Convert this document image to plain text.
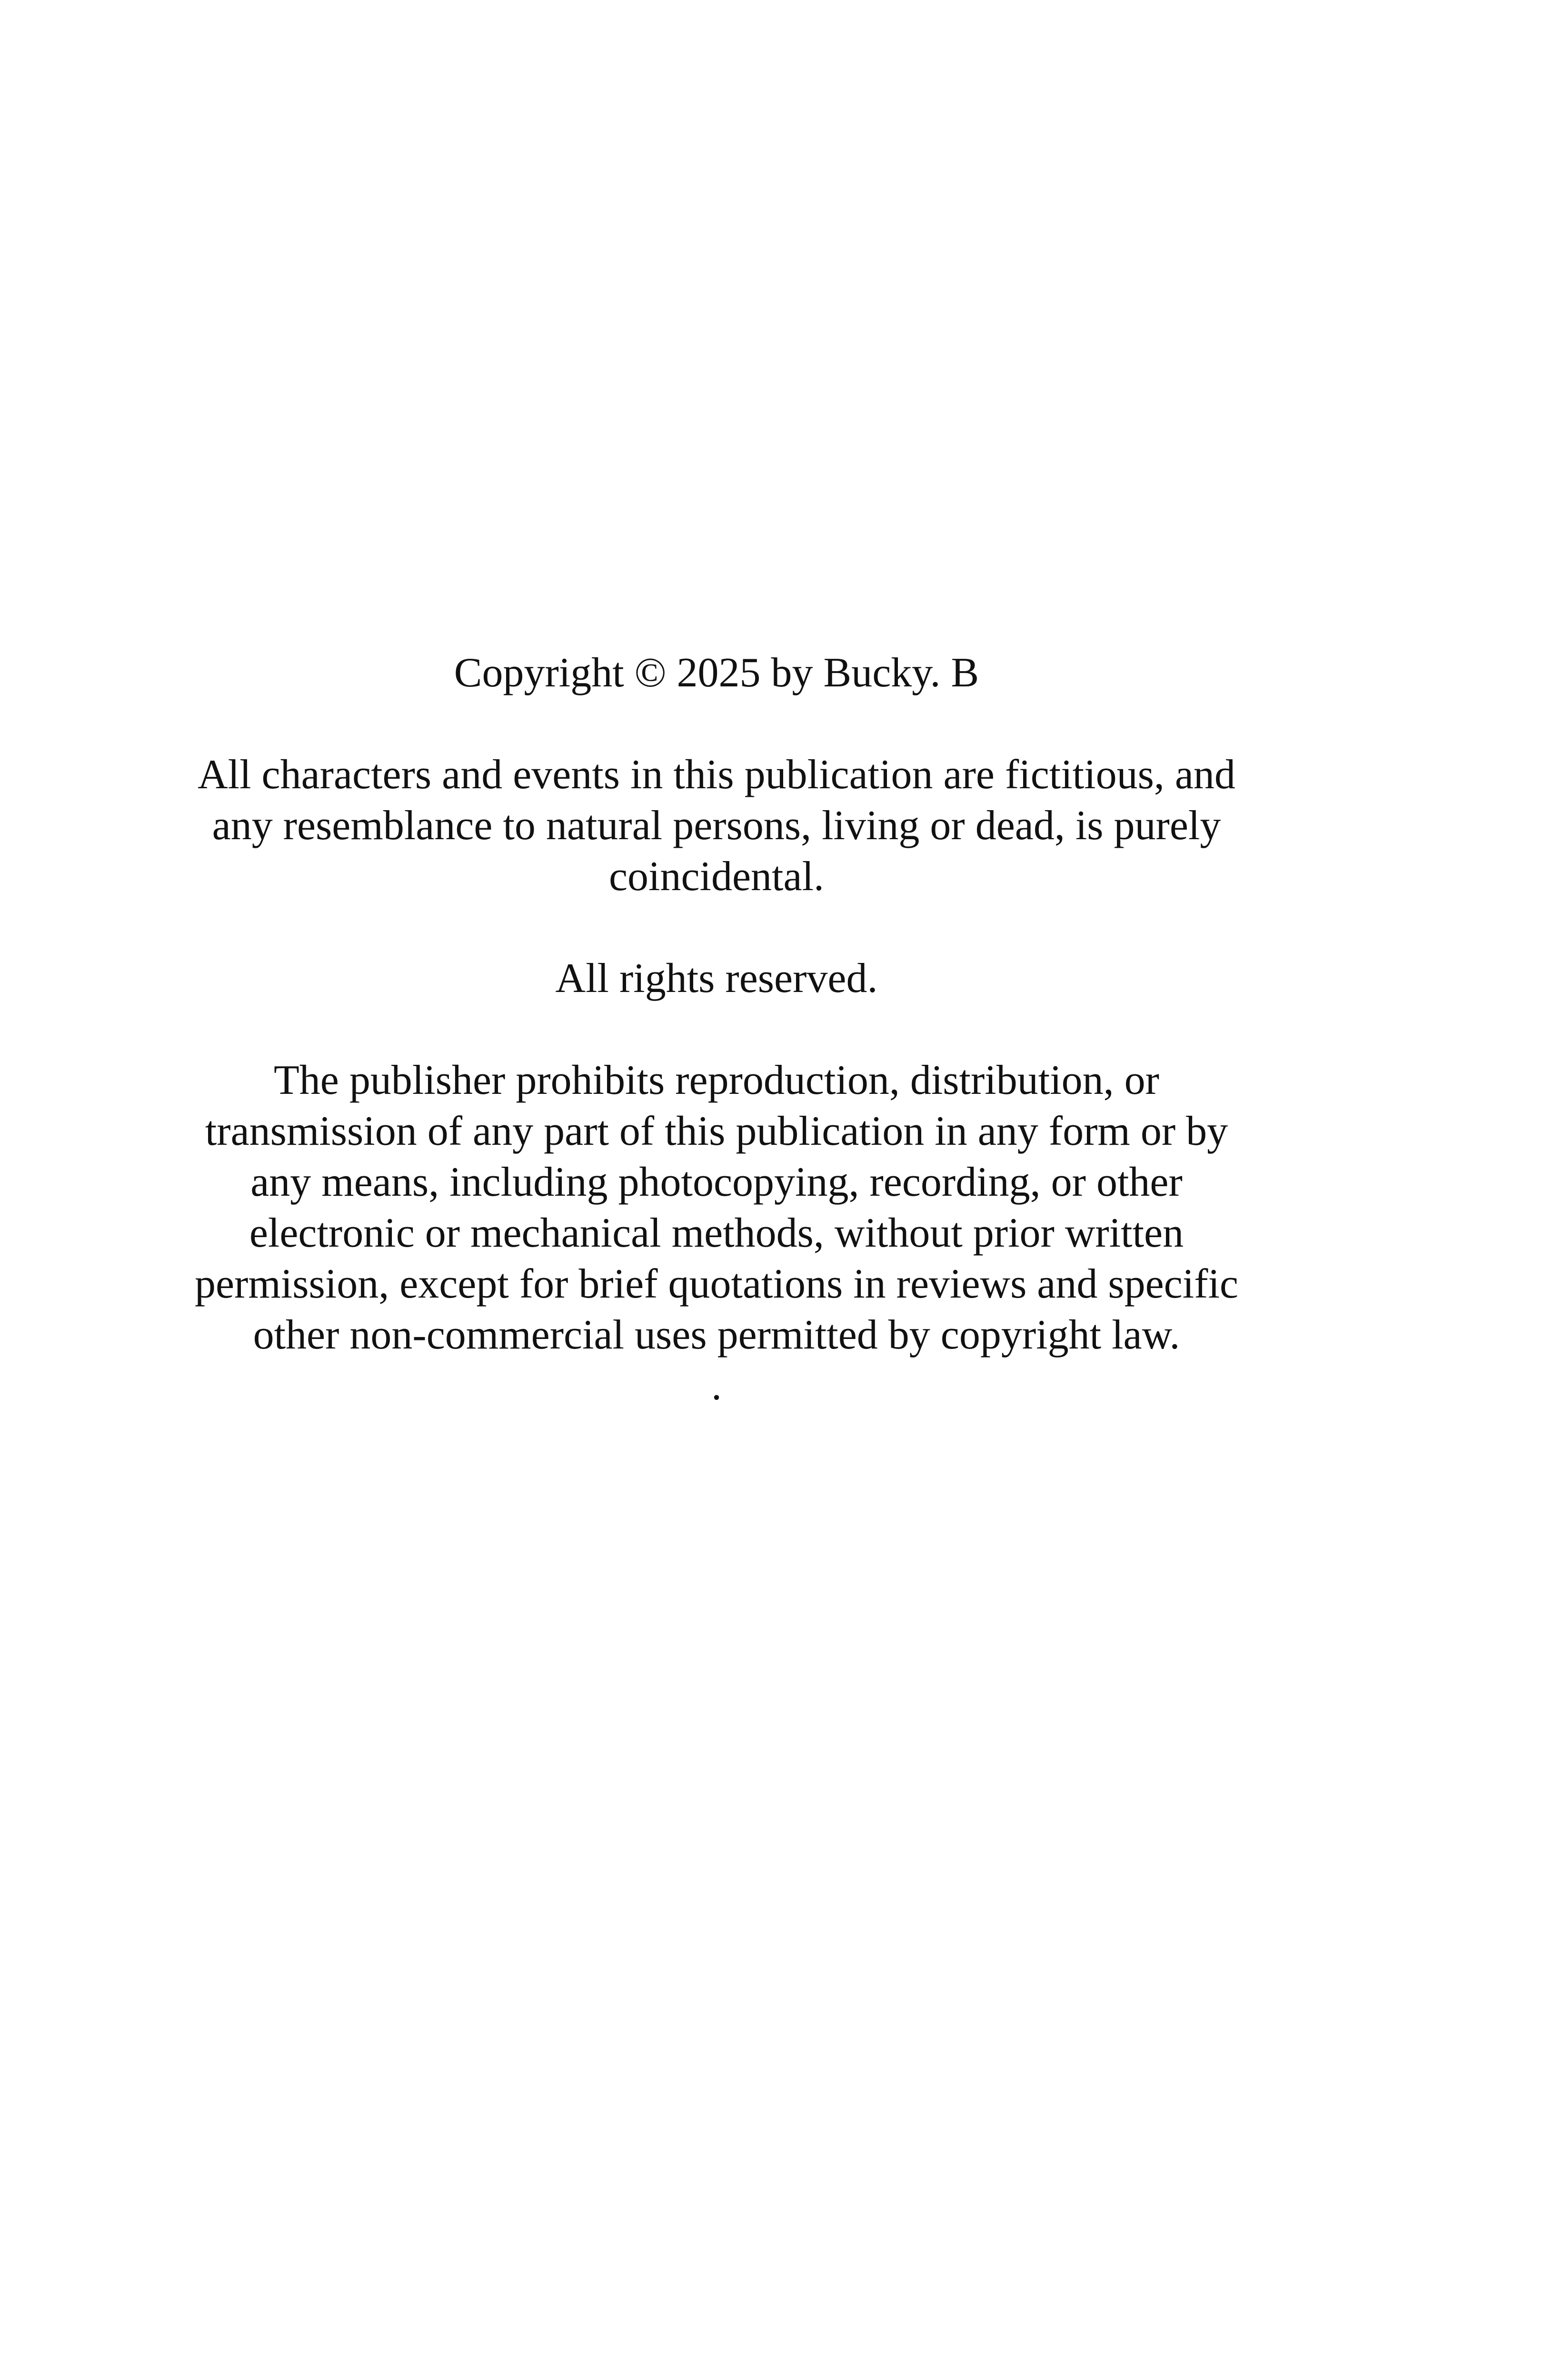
Copyright © 2025 by Bucky. B

All characters and events in this publication are fictitious, and
any resemblance to natural persons, living or dead, is purely
coincidental.

All rights reserved.

The publisher prohibits reproduction, distribution, or
transmission of any part of this publication in any form or by
any means, including photocopying, recording, or other
electronic or mechanical methods, without prior written
permission, except for brief quotations in reviews and specific
other non-commercial uses permitted by copyright law.
.
